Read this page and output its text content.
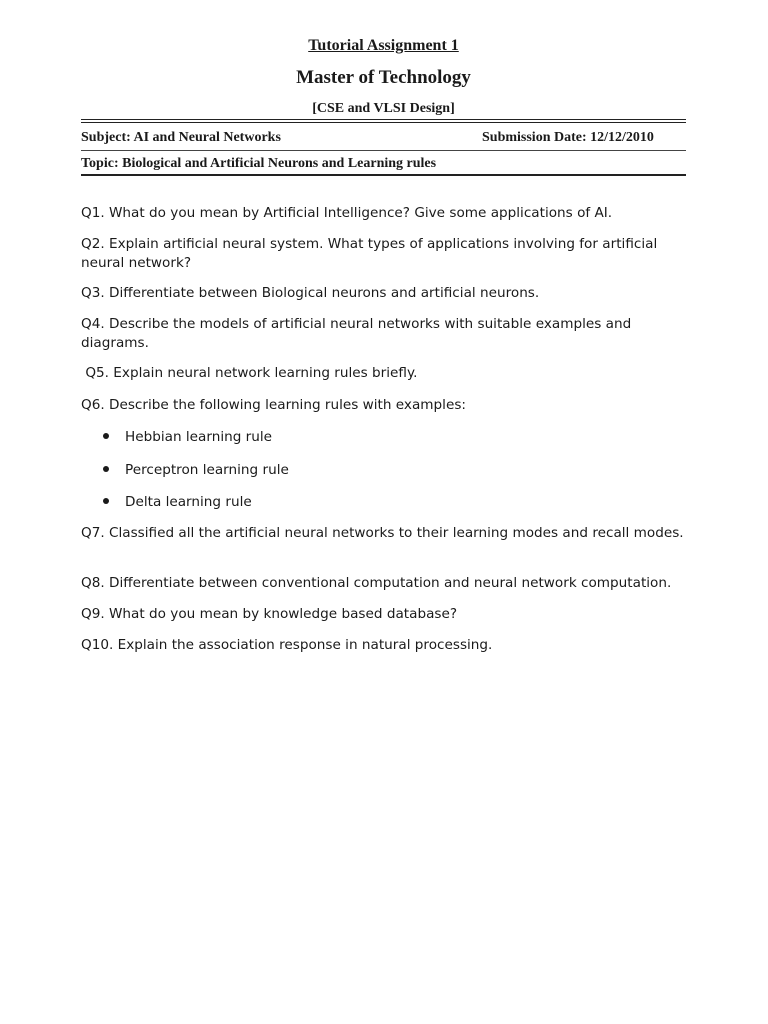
Tutorial Assignment 1
Master of Technology
[CSE and VLSI Design]
Subject: AI and Neural Networks	Submission Date: 12/12/2010
Topic: Biological and Artificial Neurons and Learning rules
Q1. What do you mean by Artificial Intelligence? Give some applications of AI.
Q2. Explain artificial neural system. What types of applications involving for artificial neural network?
Q3. Differentiate between Biological neurons and artificial neurons.
Q4. Describe the models of artificial neural networks with suitable examples and diagrams.
Q5. Explain neural network learning rules briefly.
Q6. Describe the following learning rules with examples:
Hebbian learning rule
Perceptron learning rule
Delta learning rule
Q7. Classified all the artificial neural networks to their learning modes and recall modes.
Q8. Differentiate between conventional computation and neural network computation.
Q9. What do you mean by knowledge based database?
Q10. Explain the association response in natural processing.
